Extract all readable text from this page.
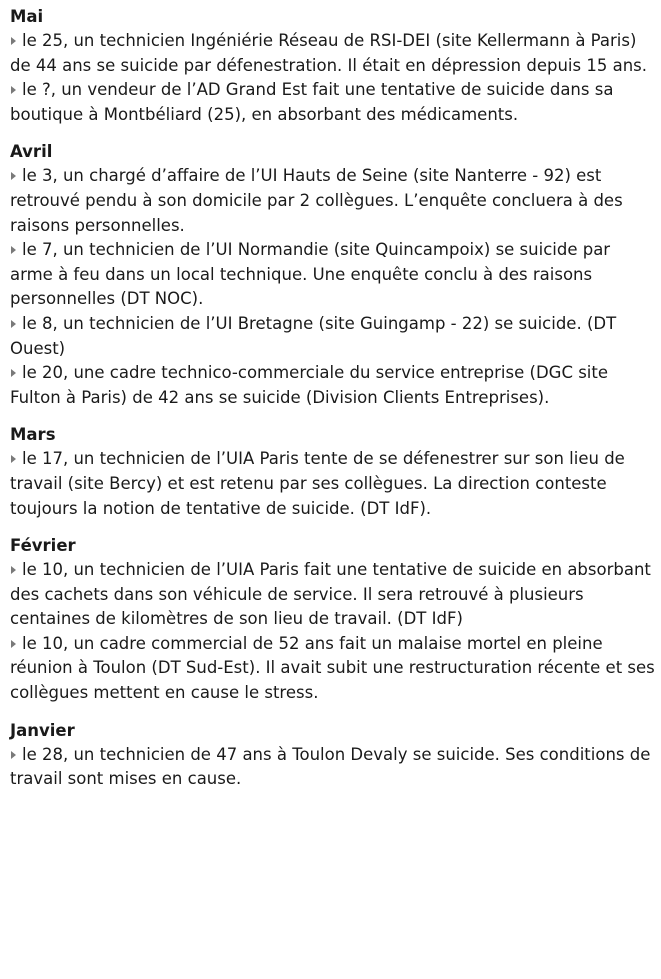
Mai
le 25, un technicien Ingéniérie Réseau de RSI-DEI (site Kellermann à Paris) de 44 ans se suicide par défenestration. Il était en dépression depuis 15 ans.
le ?, un vendeur de l’AD Grand Est fait une tentative de suicide dans sa boutique à Montbéliard (25), en absorbant des médicaments.
Avril
le 3, un chargé d’affaire de l’UI Hauts de Seine (site Nanterre - 92) est retrouvé pendu à son domicile par 2 collègues. L’enquête concluera à des raisons personnelles.
le 7, un technicien de l’UI Normandie (site Quincampoix) se suicide par arme à feu dans un local technique. Une enquête conclu à des raisons personnelles (DT NOC).
le 8, un technicien de l’UI Bretagne (site Guingamp - 22) se suicide. (DT Ouest)
le 20, une cadre technico-commerciale du service entreprise (DGC site Fulton à Paris) de 42 ans se suicide (Division Clients Entreprises).
Mars
le 17, un technicien de l’UIA Paris tente de se défenestrer sur son lieu de travail (site Bercy) et est retenu par ses collègues. La direction conteste toujours la notion de tentative de suicide. (DT IdF).
Février
le 10, un technicien de l’UIA Paris fait une tentative de suicide en absorbant des cachets dans son véhicule de service. Il sera retrouvé à plusieurs centaines de kilomètres de son lieu de travail. (DT IdF)
le 10, un cadre commercial de 52 ans fait un malaise mortel en pleine réunion à Toulon (DT Sud-Est). Il avait subit une restructuration récente et ses collègues mettent en cause le stress.
Janvier
le 28, un technicien de 47 ans à Toulon Devaly se suicide. Ses conditions de travail sont mises en cause.
